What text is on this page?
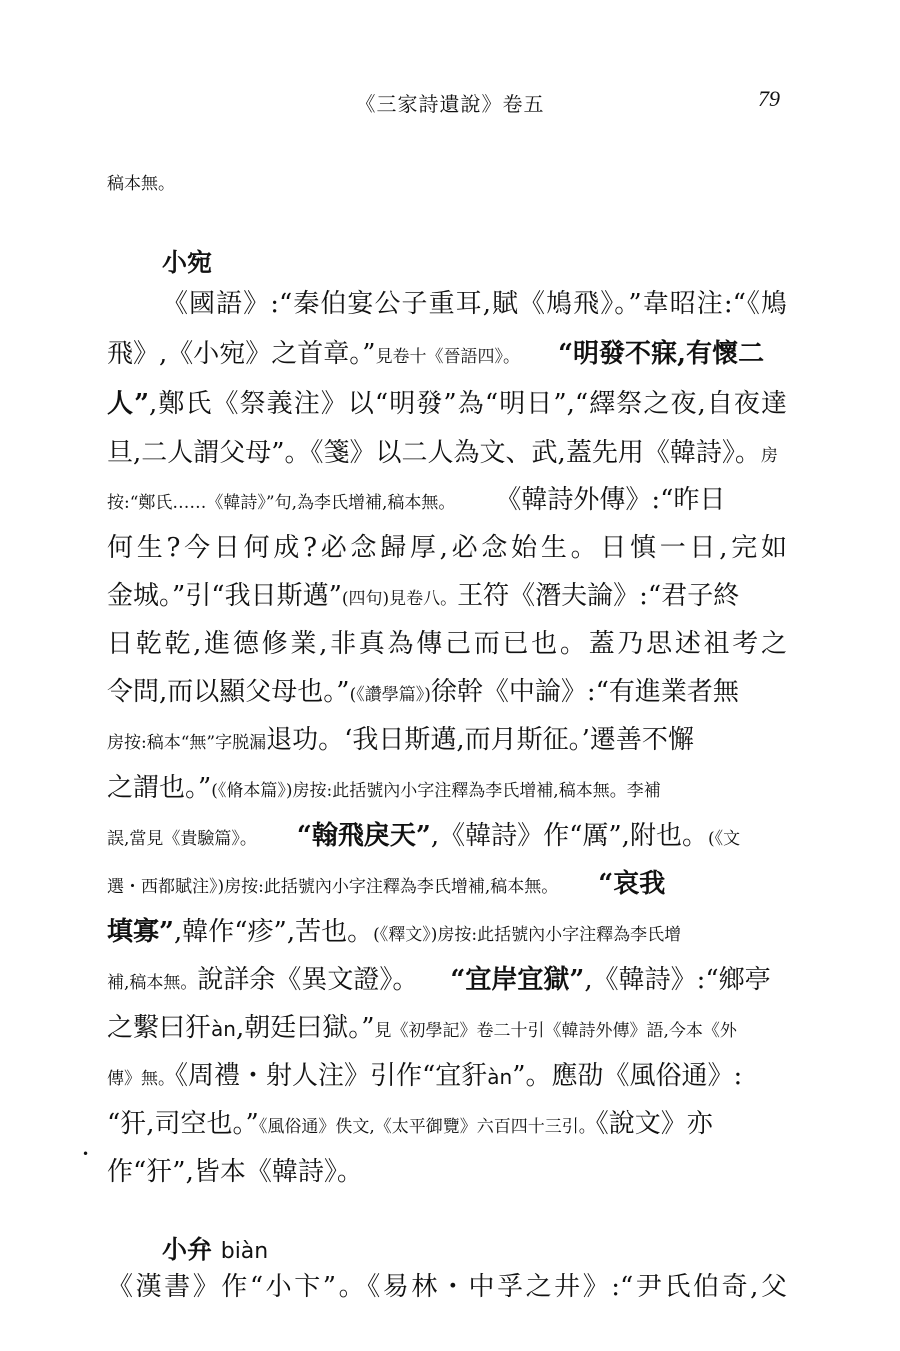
《三家詩遺說》卷五	79
稿本無。
小宛
《國語》:“秦伯宴公子重耳,賦《鳩飛》。”韋昭注:“《鳩
飛》,《小宛》之首章。”見卷十《晉語四》。 “明發不寐,有懷二
人”,鄭氏《祭義注》以“明發”為“明日”,“繹祭之夜,自夜達
旦,二人謂父母”。《箋》以二人為文、武,蓋先用《韓詩》。房
按:“鄭氏……《韓詩》”句,為李氏增補,稿本無。 《韓詩外傳》:“昨日
何生?今日何成?必念歸厚,必念始生。日慎一日,完如
金城。”引“我日斯邁”(四句)見卷八。王符《潛夫論》:“君子終
日乾乾,進德修業,非真為傳己而已也。蓋乃思述祖考之
令問,而以顯父母也。”(《讚學篇》)徐幹《中論》:“有進業者無
房按:稿本“無”字脱漏退功。‘我日斯邁,而月斯征。’遷善不懈
之謂也。”(《脩本篇》)房按:此括號內小字注釋為李氏增補,稿本無。李補
誤,當見《貴驗篇》。 “翰飛戾天”,《韓詩》作“厲”,附也。(《文
選・西都賦注》)房按:此括號內小字注釋為李氏增補,稿本無。 “哀我
填寡”,韓作“疹”,苦也。(《釋文》)房按:此括號內小字注釋為李氏增
補,稿本無。說詳余《異文證》。 “宜岸宜獄”,《韓詩》:“鄉亭
之繫曰犴àn,朝廷曰獄。”見《初學記》卷二十引《韓詩外傳》語,今本《外
傳》無。《周禮・射人注》引作“宜豻àn”。應劭《風俗通》:
“犴,司空也。”《風俗通》佚文,《太平御覽》六百四十三引。《說文》亦
作“犴”,皆本《韓詩》。
•
小弁 biàn
《漢書》作“小卞”。《易林・中孚之井》:“尹氏伯奇,父
